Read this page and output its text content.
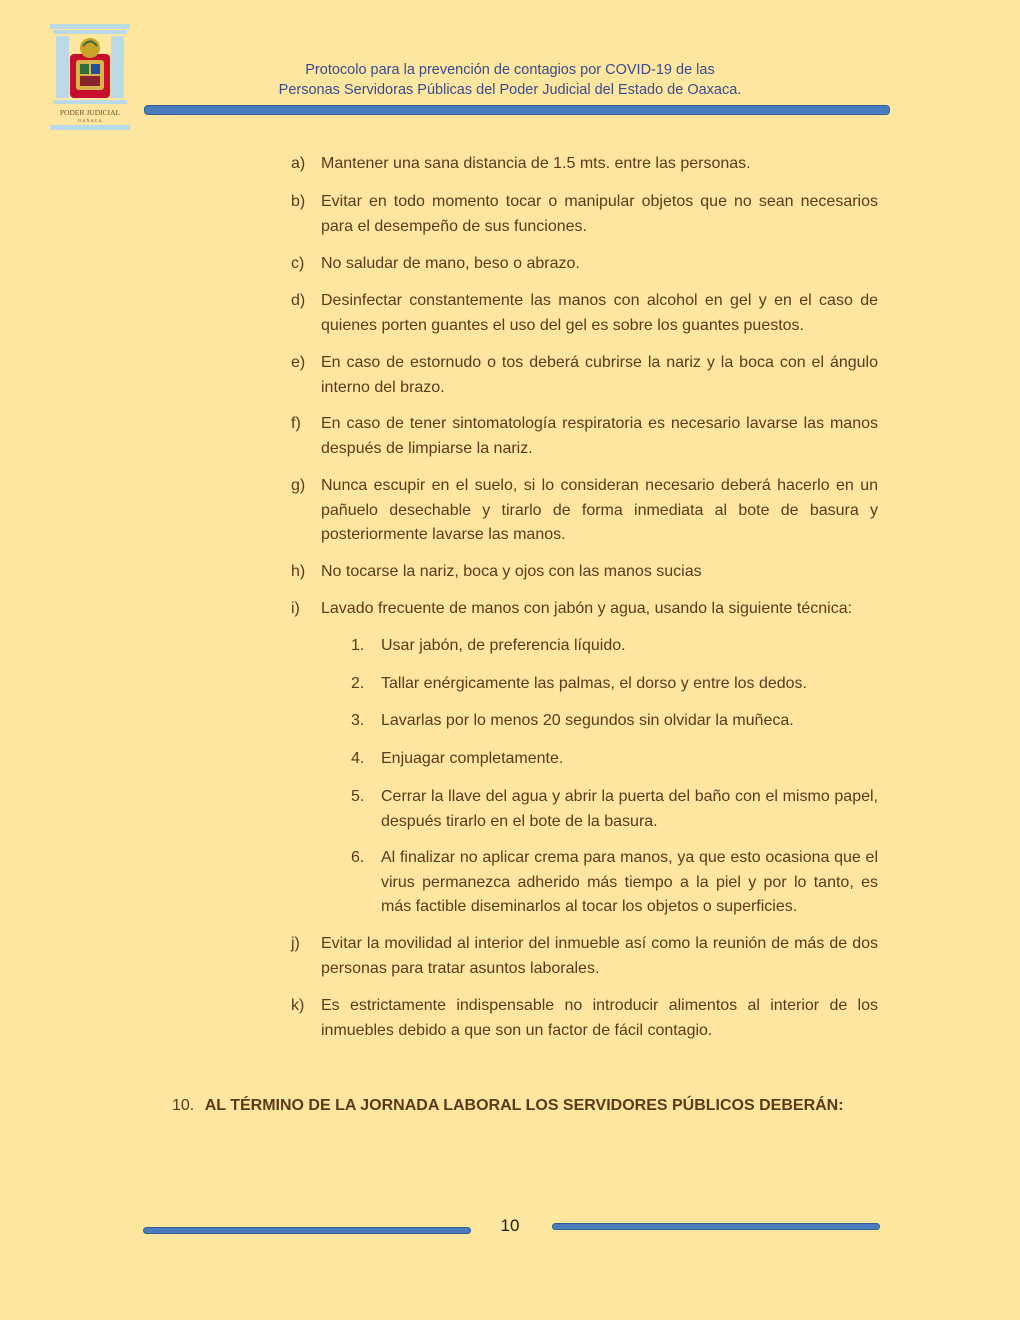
PODER JUDICIAL
O A X A C A
Protocolo para la prevención de contagios por COVID-19 de las
Personas Servidoras Públicas del Poder Judicial del Estado de Oaxaca.
a) Mantener una sana distancia de 1.5 mts. entre las personas.
b) Evitar en todo momento tocar o manipular objetos que no sean necesarios para el desempeño de sus funciones.
c) No saludar de mano, beso o abrazo.
d) Desinfectar constantemente las manos con alcohol en gel y en el caso de quienes porten guantes el uso del gel es sobre los guantes puestos.
e) En caso de estornudo o tos deberá cubrirse la nariz y la boca con el ángulo interno del brazo.
f) En caso de tener sintomatología respiratoria es necesario lavarse las manos después de limpiarse la nariz.
g) Nunca escupir en el suelo, si lo consideran necesario deberá hacerlo en un pañuelo desechable y tirarlo de forma inmediata al bote de basura y posteriormente lavarse las manos.
h) No tocarse la nariz, boca y ojos con las manos sucias
i) Lavado frecuente de manos con jabón y agua, usando la siguiente técnica:
1. Usar jabón, de preferencia líquido.
2. Tallar enérgicamente las palmas, el dorso y entre los dedos.
3. Lavarlas por lo menos 20 segundos sin olvidar la muñeca.
4. Enjuagar completamente.
5. Cerrar la llave del agua y abrir la puerta del baño con el mismo papel, después tirarlo en el bote de la basura.
6. Al finalizar no aplicar crema para manos, ya que esto ocasiona que el virus permanezca adherido más tiempo a la piel y por lo tanto, es más factible diseminarlos al tocar los objetos o superficies.
j) Evitar la movilidad al interior del inmueble así como la reunión de más de dos personas para tratar asuntos laborales.
k) Es estrictamente indispensable no introducir alimentos al interior de los inmuebles debido a que son un factor de fácil contagio.
10. AL TÉRMINO DE LA JORNADA LABORAL LOS SERVIDORES PÚBLICOS DEBERÁN:
10
